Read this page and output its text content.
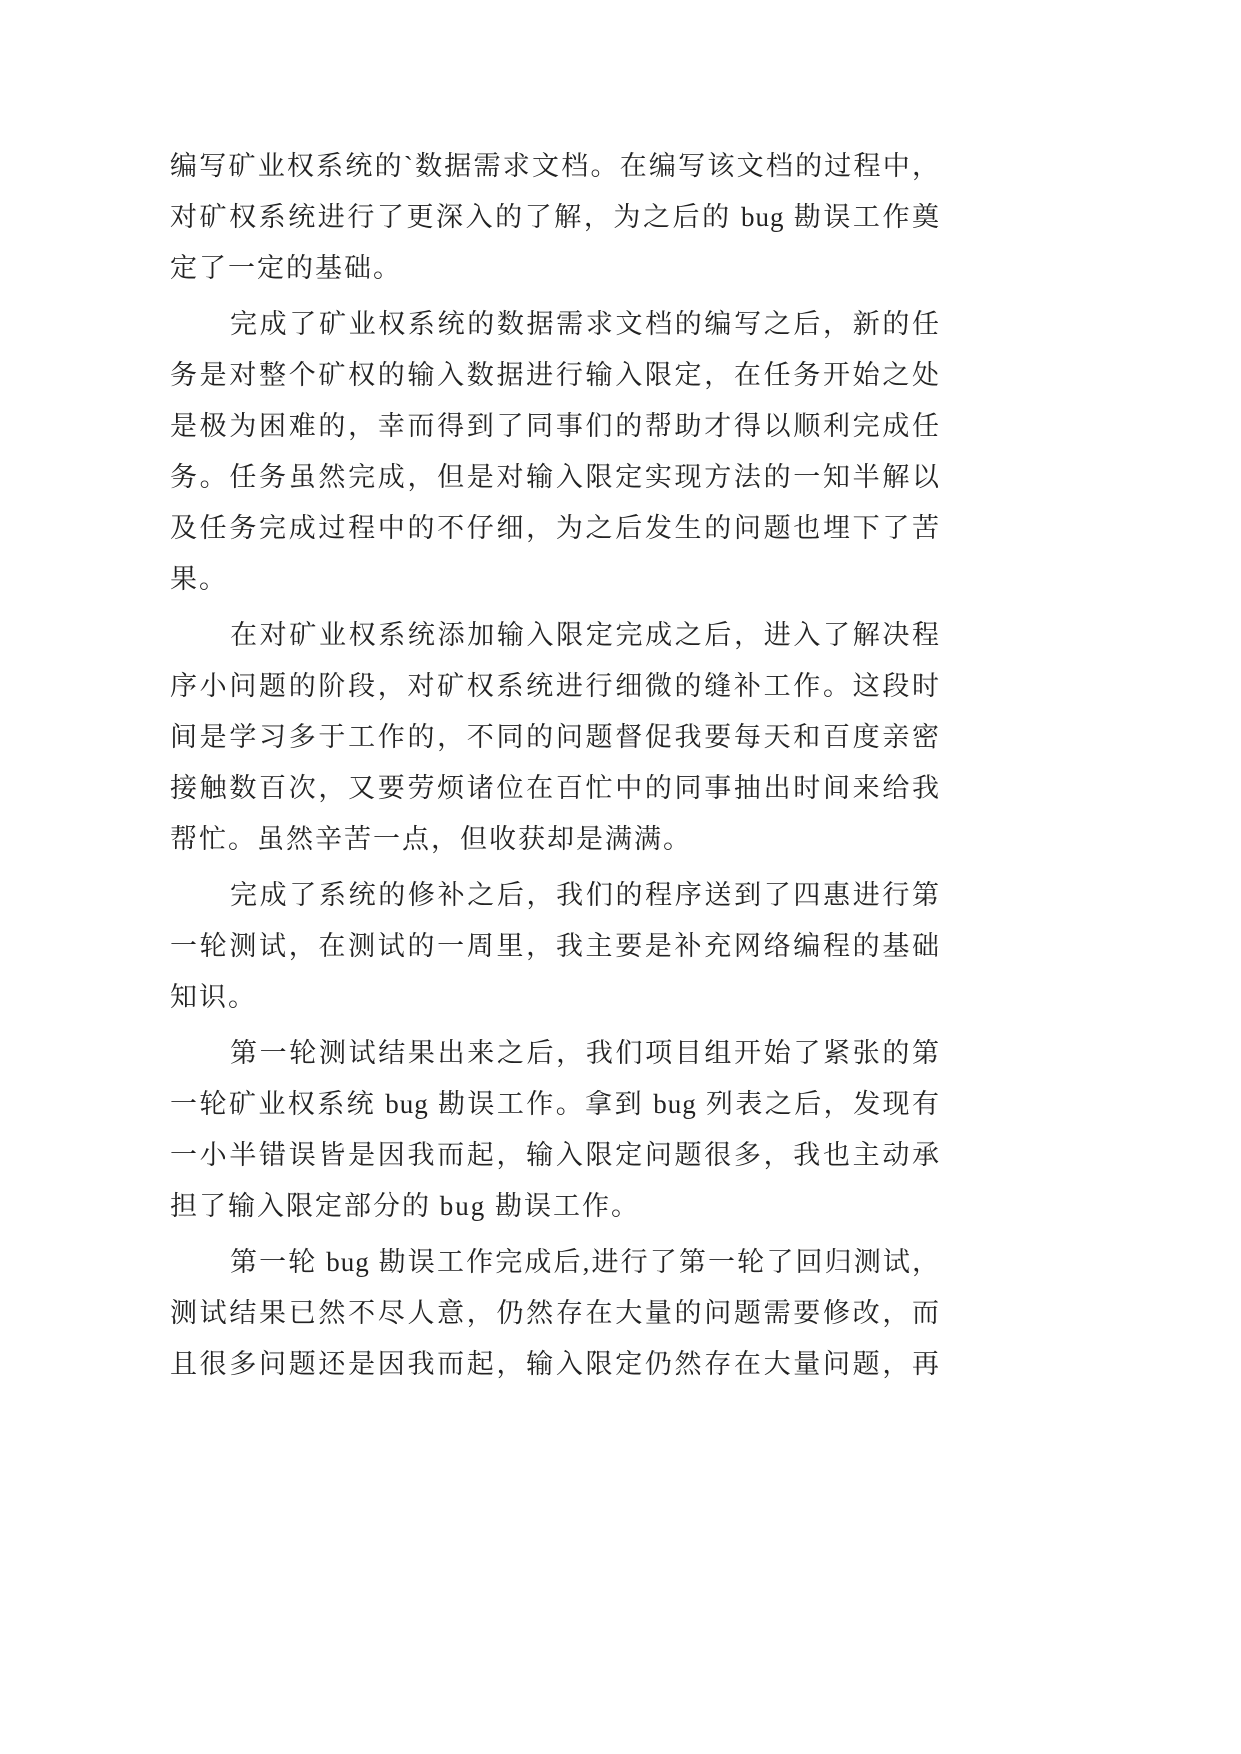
编写矿业权系统的`数据需求文档。在编写该文档的过程中，
对矿权系统进行了更深入的了解，为之后的 bug 勘误工作奠
定了一定的基础。
完成了矿业权系统的数据需求文档的编写之后，新的任
务是对整个矿权的输入数据进行输入限定，在任务开始之处
是极为困难的，幸而得到了同事们的帮助才得以顺利完成任
务。任务虽然完成，但是对输入限定实现方法的一知半解以
及任务完成过程中的不仔细，为之后发生的问题也埋下了苦
果。
在对矿业权系统添加输入限定完成之后，进入了解决程
序小问题的阶段，对矿权系统进行细微的缝补工作。这段时
间是学习多于工作的，不同的问题督促我要每天和百度亲密
接触数百次，又要劳烦诸位在百忙中的同事抽出时间来给我
帮忙。虽然辛苦一点，但收获却是满满。
完成了系统的修补之后，我们的程序送到了四惠进行第
一轮测试，在测试的一周里，我主要是补充网络编程的基础
知识。
第一轮测试结果出来之后，我们项目组开始了紧张的第
一轮矿业权系统 bug 勘误工作。拿到 bug 列表之后，发现有
一小半错误皆是因我而起，输入限定问题很多，我也主动承
担了输入限定部分的 bug 勘误工作。
第一轮 bug 勘误工作完成后,进行了第一轮了回归测试，
测试结果已然不尽人意，仍然存在大量的问题需要修改，而
且很多问题还是因我而起，输入限定仍然存在大量问题，再
